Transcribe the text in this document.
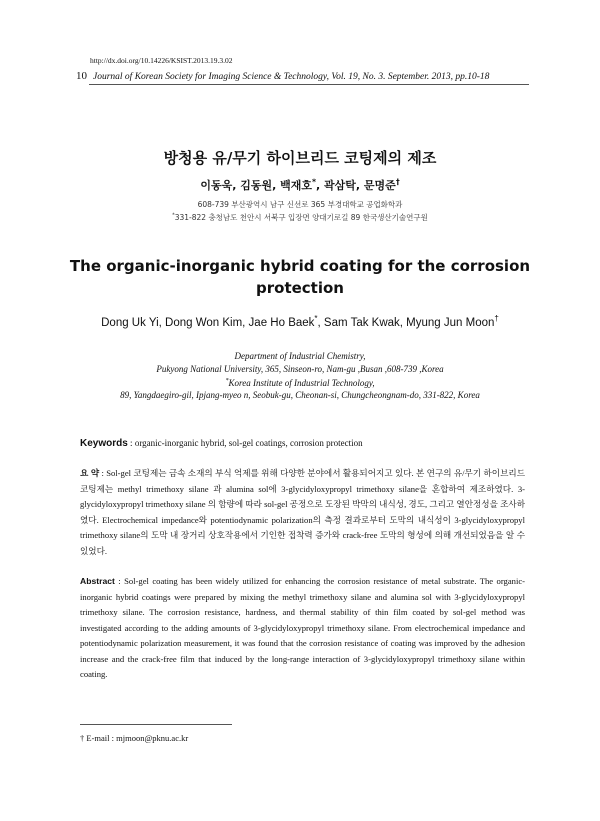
http://dx.doi.org/10.14226/KSIST.2013.19.3.02
10 Journal of Korean Society for Imaging Science & Technology, Vol. 19, No. 3. September. 2013, pp.10-18
방청용 유/무기 하이브리드 코팅제의 제조
이동욱, 김동원, 백재호*, 곽삼탁, 문명준†
608-739 부산광역시 남구 신선로 365 부경대학교 공업화학과
*331-822 충청남도 천안시 서북구 입장면 양대기로길 89 한국생산기술연구원
The organic-inorganic hybrid coating for the corrosion
protection
Dong Uk Yi, Dong Won Kim, Jae Ho Baek*, Sam Tak Kwak, Myung Jun Moon†
Department of Industrial Chemistry,
Pukyong National University, 365, Sinseon-ro, Nam-gu ,Busan ,608-739 ,Korea
*Korea Institute of Industrial Technology,
89, Yangdaegiro-gil, Ipjang-myeo n, Seobuk-gu, Cheonan-si, Chungcheongnam-do, 331-822, Korea
Keywords : organic-inorganic hybrid, sol-gel coatings, corrosion protection
요 약 : Sol-gel 코팅제는 금속 소재의 부식 억제를 위해 다양한 분야에서 활용되어지고 있다. 본 연구의 유/무기 하이브리드 코팅제는 methyl trimethoxy silane 과 alumina sol에 3-glycidyloxypropyl trimethoxy silane을 혼합하여 제조하였다. 3-glycidyloxypropyl trimethoxy silane 의 함량에 따라 sol-gel 공정으로 도장된 박막의 내식성, 경도, 그리고 열안정성을 조사하였다. Electrochemical impedance와 potentiodynamic polarization의 측정 결과로부터 도막의 내식성이 3-glycidyloxypropyl trimethoxy silane의 도막 내 장거리 상호작용에서 기인한 접착력 증가와 crack-free 도막의 형성에 의해 개선되었음을 알 수 있었다.
Abstract : Sol-gel coating has been widely utilized for enhancing the corrosion resistance of metal substrate. The organic-inorganic hybrid coatings were prepared by mixing the methyl trimethoxy silane and alumina sol with 3-glycidyloxypropyl trimethoxy silane. The corrosion resistance, hardness, and thermal stability of thin film coated by sol-gel method was investigated according to the adding amounts of 3-glycidyloxypropyl trimethoxy silane. From electrochemical impedance and potentiodynamic polarization measurement, it was found that the corrosion resistance of coating was improved by the adhesion increase and the crack-free film that induced by the long-range interaction of 3-glycidyloxypropyl trimethoxy silane within coating.
† E-mail : mjmoon@pknu.ac.kr
